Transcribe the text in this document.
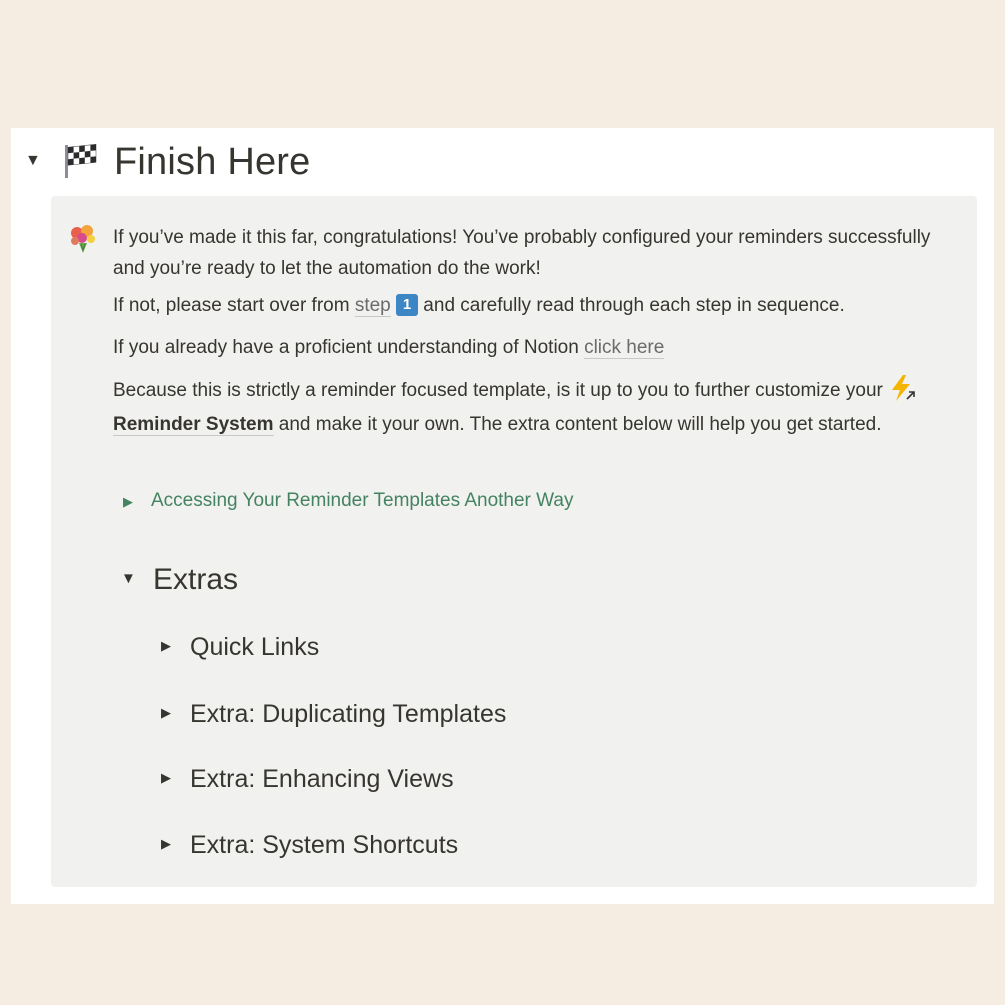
▼ Finish Here
If you’ve made it this far, congratulations! You’ve probably configured your reminders successfully and you’re ready to let the automation do the work!
If not, please start over from step 1 and carefully read through each step in sequence.
If you already have a proficient understanding of Notion click here
Because this is strictly a reminder focused template, is it up to you to further customize your Reminder System and make it your own. The extra content below will help you get started.
▶ Accessing Your Reminder Templates Another Way
▼ Extras
▶ Quick Links
▶ Extra: Duplicating Templates
▶ Extra: Enhancing Views
▶ Extra: System Shortcuts
